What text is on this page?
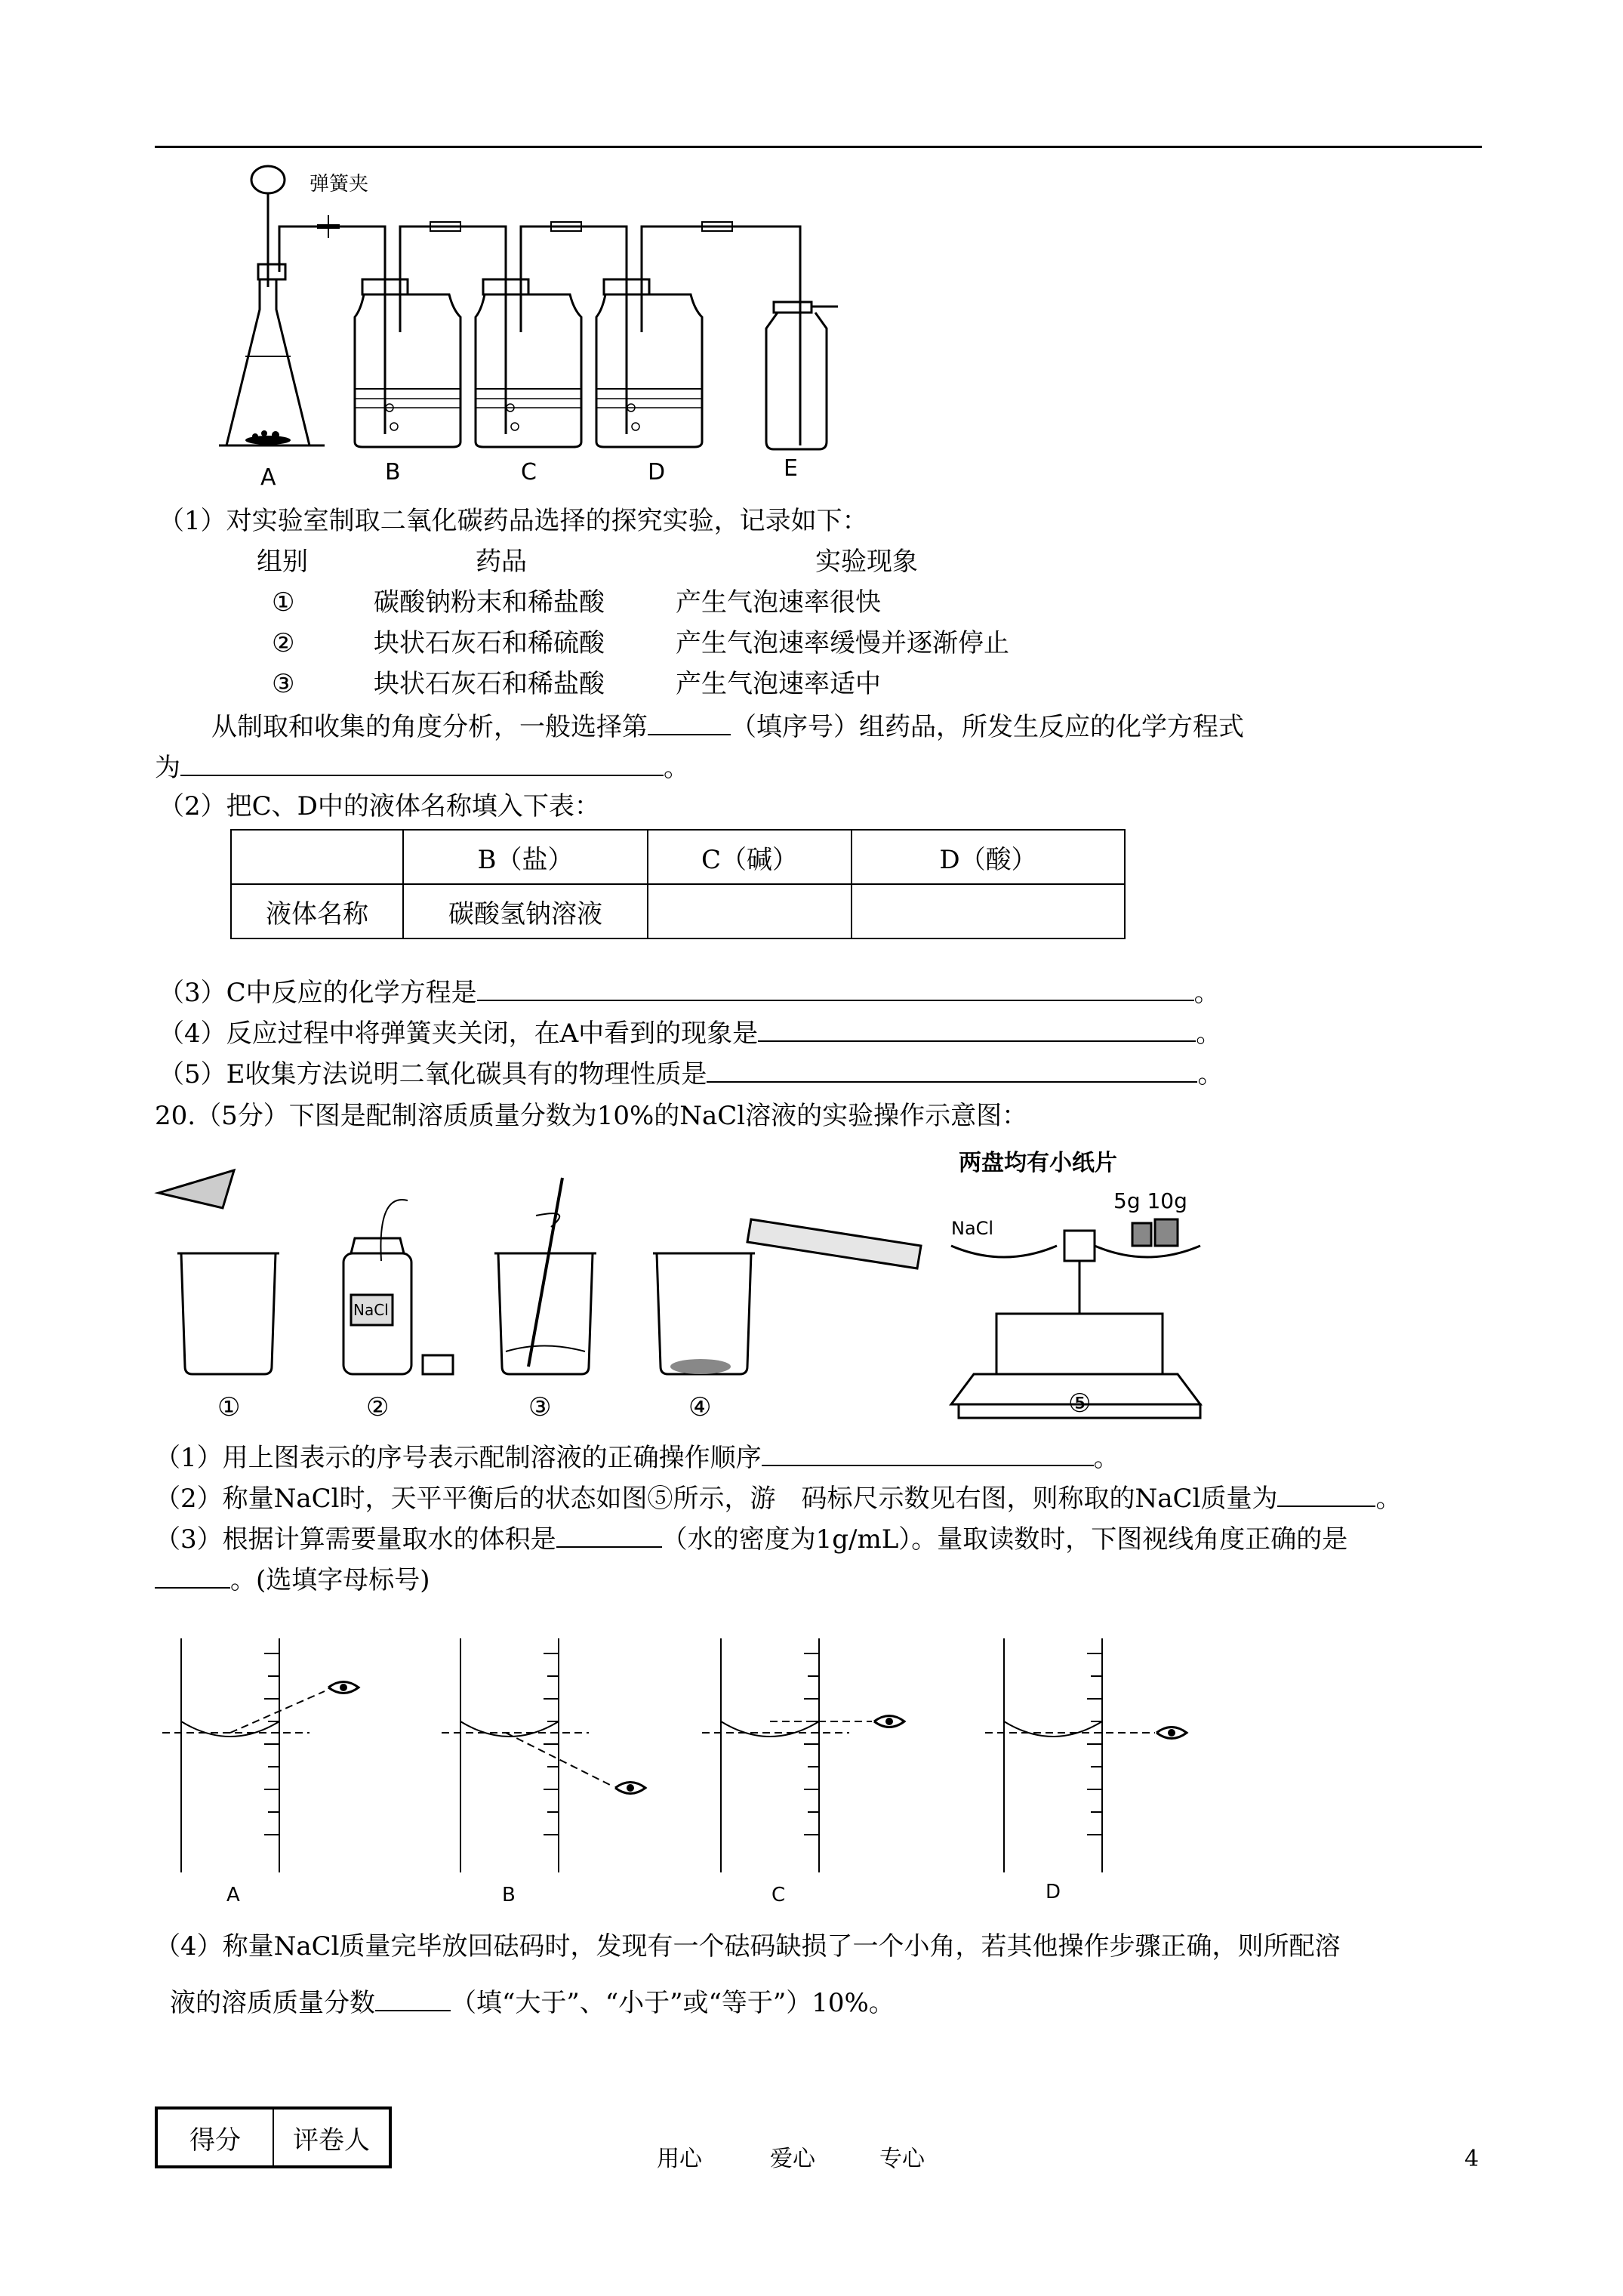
弹簧夹
A	B	C	D	E
（1）对实验室制取二氧化碳药品选择的探究实验，记录如下：
组别	药品	实验现象
①	碳酸钠粉末和稀盐酸	产生气泡速率很快
②	块状石灰石和稀硫酸	产生气泡速率缓慢并逐渐停止
③	块状石灰石和稀盐酸	产生气泡速率适中
从制取和收集的角度分析，一般选择第	（填序号）组药品，所发生反应的化学方程式
为	。
（2）把C、D中的液体名称填入下表：
	B（盐）	C（碱）	D（酸）
液体名称	碳酸氢钠溶液		
（3）C中反应的化学方程是	。
（4）反应过程中将弹簧夹关闭，在A中看到的现象是	。
（5）E收集方法说明二氧化碳具有的物理性质是	。
20.（5分）下图是配制溶质质量分数为10%的NaCl溶液的实验操作示意图：
两盘均有小纸片
5g 10g
NaCl
NaCl
①	②	③	④	⑤
（1）用上图表示的序号表示配制溶液的正确操作顺序	。
（2）称量NaCl时，天平平衡后的状态如图⑤所示，游　码标尺示数见右图，则称取的NaCl质量为	。
（3）根据计算需要量取水的体积是	（水的密度为1g/mL）。量取读数时，下图视线角度正确的是
。(选填字母标号)
A	B	C	D
（4）称量NaCl质量完毕放回砝码时，发现有一个砝码缺损了一个小角，若其他操作步骤正确，则所配溶
液的溶质质量分数	（填“大于”、“小于”或“等于”）10%。
得分	评卷人
用心	爱心	专心	4
